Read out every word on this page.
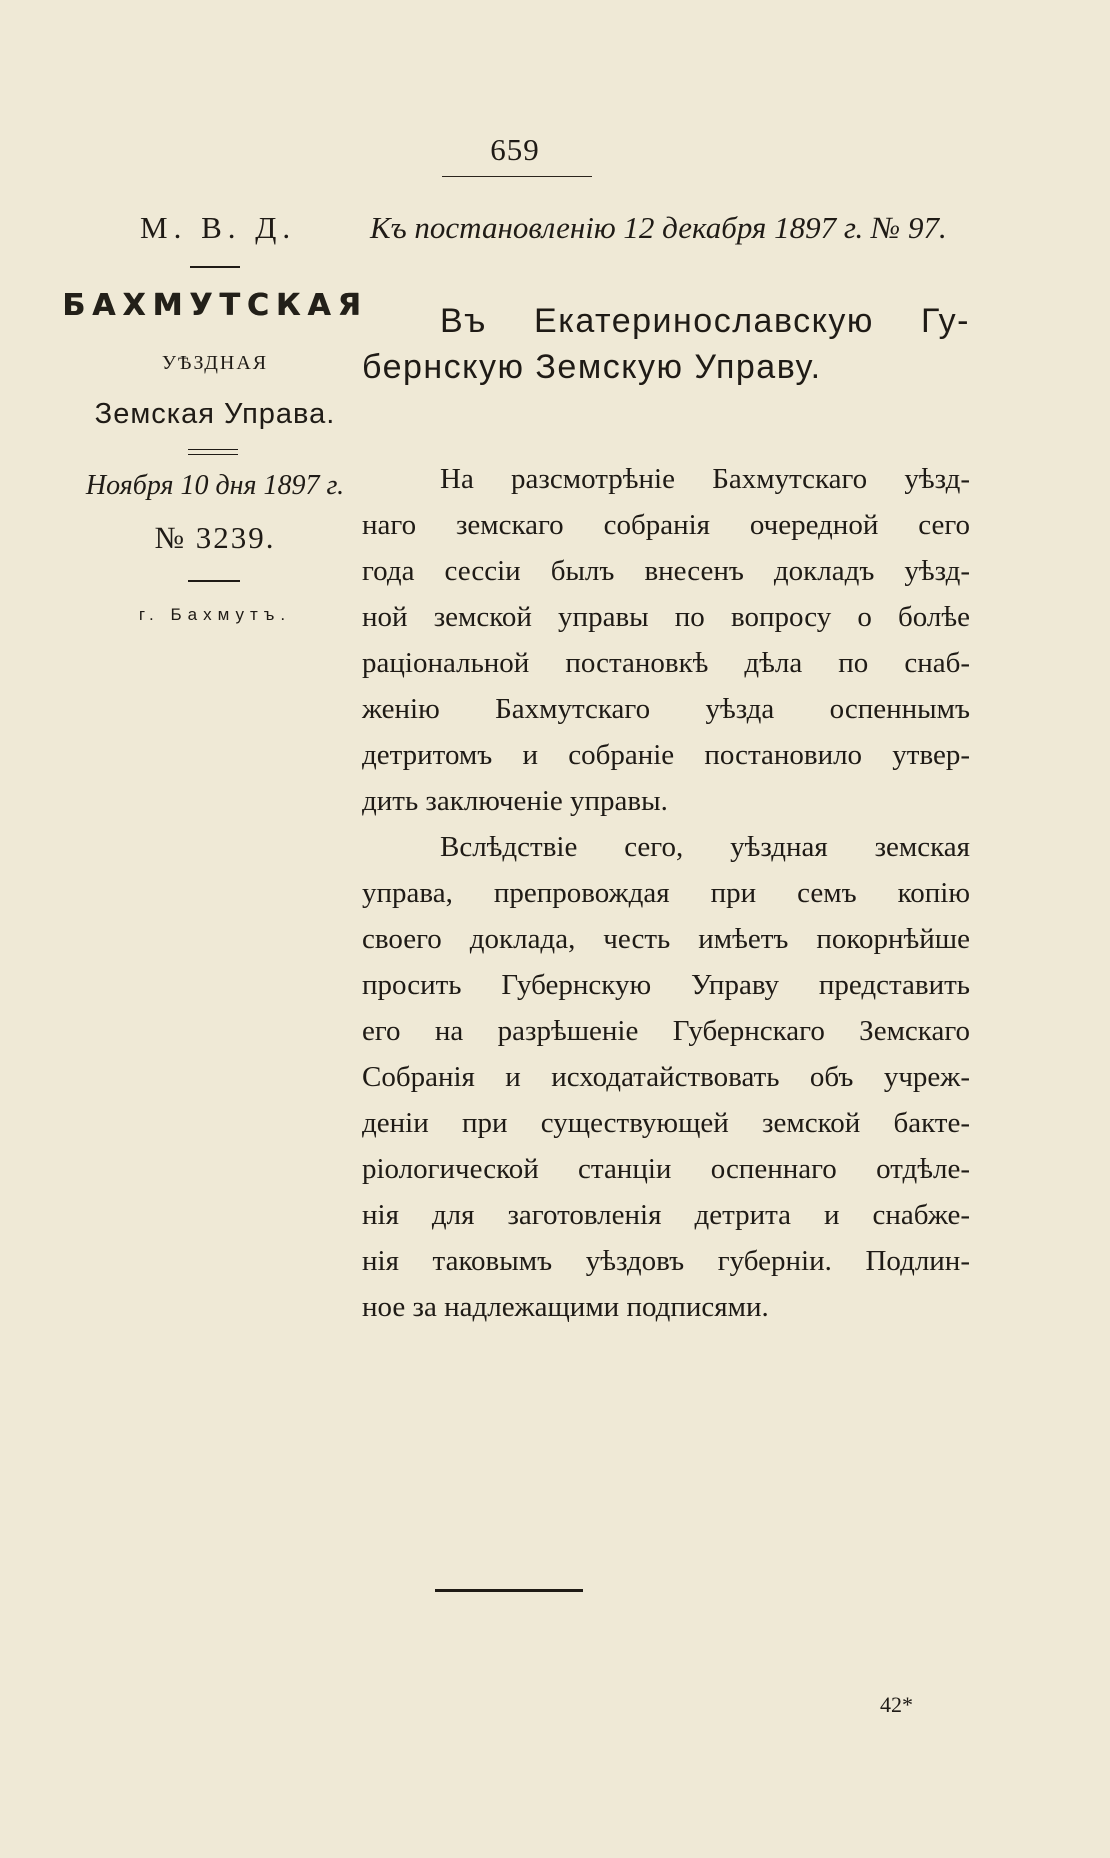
659
М. В. Д. Къ постановленію 12 декабря 1897 г. № 97.
БАХМУТСКАЯ
УѢЗДНАЯ
Земская Управа.
Ноября 10 дня 1897 г.
№ 3239.
г. Бахмутъ.
Въ Екатеринославскую Гу-
бернскую Земскую Управу.
На разсмотрѣніе Бахмутскаго уѣзд-
наго земскаго собранія очередной сего
года сессіи былъ внесенъ докладъ уѣзд-
ной земской управы по вопросу о болѣе
раціональной постановкѣ дѣла по снаб-
женію Бахмутскаго уѣзда оспеннымъ
детритомъ и собраніе постановило утвер-
дить заключеніе управы.
Вслѣдствіе сего, уѣздная земская
управа, препровождая при семъ копію
своего доклада, честь имѣетъ покорнѣйше
просить Губернскую Управу представить
его на разрѣшеніе Губернскаго Земскаго
Собранія и исходатайствовать объ учреж-
деніи при существующей земской бакте-
ріологической станціи оспеннаго отдѣле-
нія для заготовленія детрита и снабже-
нія таковымъ уѣздовъ губерніи. Подлин-
ное за надлежащими подписями.
42*
